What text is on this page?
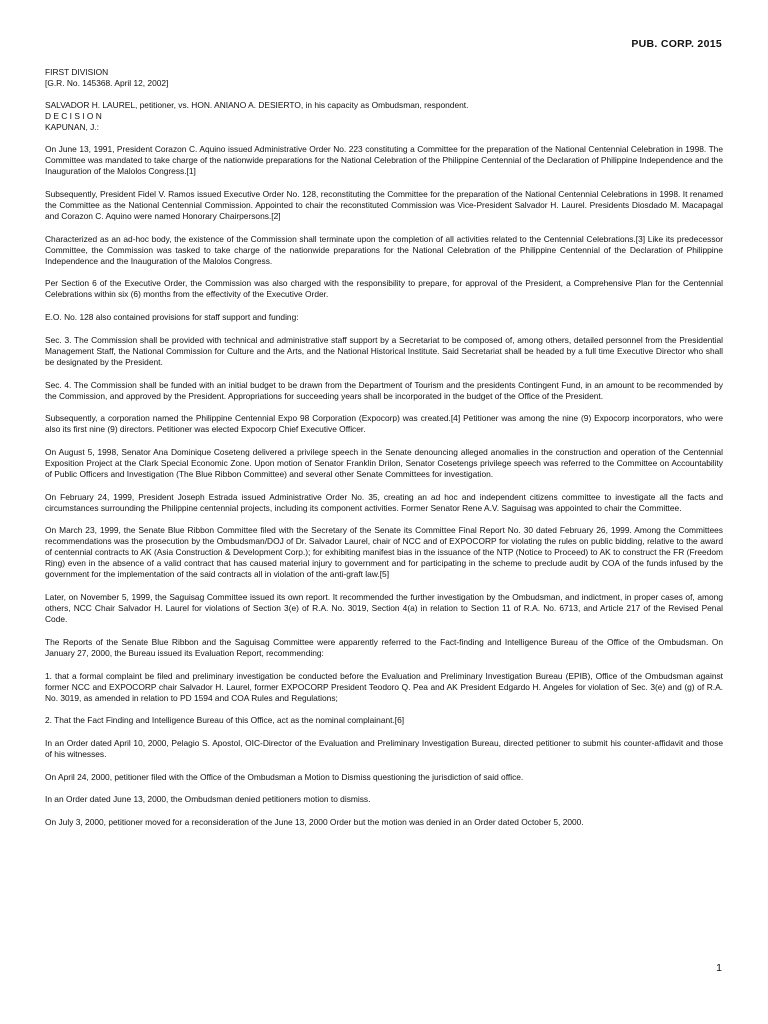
PUB. CORP. 2015

FIRST DIVISION

[G.R. No. 145368. April 12, 2002]

SALVADOR H. LAUREL, petitioner, vs. HON. ANIANO A. DESIERTO, in his capacity as Ombudsman, respondent.

D E C I S I O N

KAPUNAN, J.:

On June 13, 1991, President Corazon C. Aquino issued Administrative Order No. 223 constituting a Committee for the preparation of the National Centennial Celebration in 1998. The Committee was mandated to take charge of the nationwide preparations for the National Celebration of the Philippine Centennial of the Declaration of Philippine Independence and the Inauguration of the Malolos Congress.[1]

Subsequently, President Fidel V. Ramos issued Executive Order No. 128, reconstituting the Committee for the preparation of the National Centennial Celebrations in 1998. It renamed the Committee as the National Centennial Commission. Appointed to chair the reconstituted Commission was Vice-President Salvador H. Laurel. Presidents Diosdado M. Macapagal and Corazon C. Aquino were named Honorary Chairpersons.[2]

Characterized as an ad-hoc body, the existence of the Commission shall terminate upon the completion of all activities related to the Centennial Celebrations.[3] Like its predecessor Committee, the Commission was tasked to take charge of the nationwide preparations for the National Celebration of the Philippine Centennial of the Declaration of Philippine Independence and the Inauguration of the Malolos Congress.

Per Section 6 of the Executive Order, the Commission was also charged with the responsibility to prepare, for approval of the President, a Comprehensive Plan for the Centennial Celebrations within six (6) months from the effectivity of the Executive Order.

E.O. No. 128 also contained provisions for staff support and funding:

Sec. 3. The Commission shall be provided with technical and administrative staff support by a Secretariat to be composed of, among others, detailed personnel from the Presidential Management Staff, the National Commission for Culture and the Arts, and the National Historical Institute. Said Secretariat shall be headed by a full time Executive Director who shall be designated by the President.

Sec. 4. The Commission shall be funded with an initial budget to be drawn from the Department of Tourism and the presidents Contingent Fund, in an amount to be recommended by the Commission, and approved by the President. Appropriations for succeeding years shall be incorporated in the budget of the Office of the President.

Subsequently, a corporation named the Philippine Centennial Expo 98 Corporation (Expocorp) was created.[4] Petitioner was among the nine (9) Expocorp incorporators, who were also its first nine (9) directors. Petitioner was elected Expocorp Chief Executive Officer.

On August 5, 1998, Senator Ana Dominique Coseteng delivered a privilege speech in the Senate denouncing alleged anomalies in the construction and operation of the Centennial Exposition Project at the Clark Special Economic Zone. Upon motion of Senator Franklin Drilon, Senator Cosetengs privilege speech was referred to the Committee on Accountability of Public Officers and Investigation (The Blue Ribbon Committee) and several other Senate Committees for investigation.

On February 24, 1999, President Joseph Estrada issued Administrative Order No. 35, creating an ad hoc and independent citizens committee to investigate all the facts and circumstances surrounding the Philippine centennial projects, including its component activities. Former Senator Rene A.V. Saguisag was appointed to chair the Committee.

On March 23, 1999, the Senate Blue Ribbon Committee filed with the Secretary of the Senate its Committee Final Report No. 30 dated February 26, 1999. Among the Committees recommendations was the prosecution by the Ombudsman/DOJ of Dr. Salvador Laurel, chair of NCC and of EXPOCORP for violating the rules on public bidding, relative to the award of centennial contracts to AK (Asia Construction & Development Corp.); for exhibiting manifest bias in the issuance of the NTP (Notice to Proceed) to AK to construct the FR (Freedom Ring) even in the absence of a valid contract that has caused material injury to government and for participating in the scheme to preclude audit by COA of the funds infused by the government for the implementation of the said contracts all in violation of the anti-graft law.[5]

Later, on November 5, 1999, the Saguisag Committee issued its own report. It recommended the further investigation by the Ombudsman, and indictment, in proper cases of, among others, NCC Chair Salvador H. Laurel for violations of Section 3(e) of R.A. No. 3019, Section 4(a) in relation to Section 11 of R.A. No. 6713, and Article 217 of the Revised Penal Code.

The Reports of the Senate Blue Ribbon and the Saguisag Committee were apparently referred to the Fact-finding and Intelligence Bureau of the Office of the Ombudsman. On January 27, 2000, the Bureau issued its Evaluation Report, recommending:

1. that a formal complaint be filed and preliminary investigation be conducted before the Evaluation and Preliminary Investigation Bureau (EPIB), Office of the Ombudsman against former NCC and EXPOCORP chair Salvador H. Laurel, former EXPOCORP President Teodoro Q. Pea and AK President Edgardo H. Angeles for violation of Sec. 3(e) and (g) of R.A. No. 3019, as amended in relation to PD 1594 and COA Rules and Regulations;

2. That the Fact Finding and Intelligence Bureau of this Office, act as the nominal complainant.[6]

In an Order dated April 10, 2000, Pelagio S. Apostol, OIC-Director of the Evaluation and Preliminary Investigation Bureau, directed petitioner to submit his counter-affidavit and those of his witnesses.

On April 24, 2000, petitioner filed with the Office of the Ombudsman a Motion to Dismiss questioning the jurisdiction of said office.

In an Order dated June 13, 2000, the Ombudsman denied petitioners motion to dismiss.

On July 3, 2000, petitioner moved for a reconsideration of the June 13, 2000 Order but the motion was denied in an Order dated October 5, 2000.

1
